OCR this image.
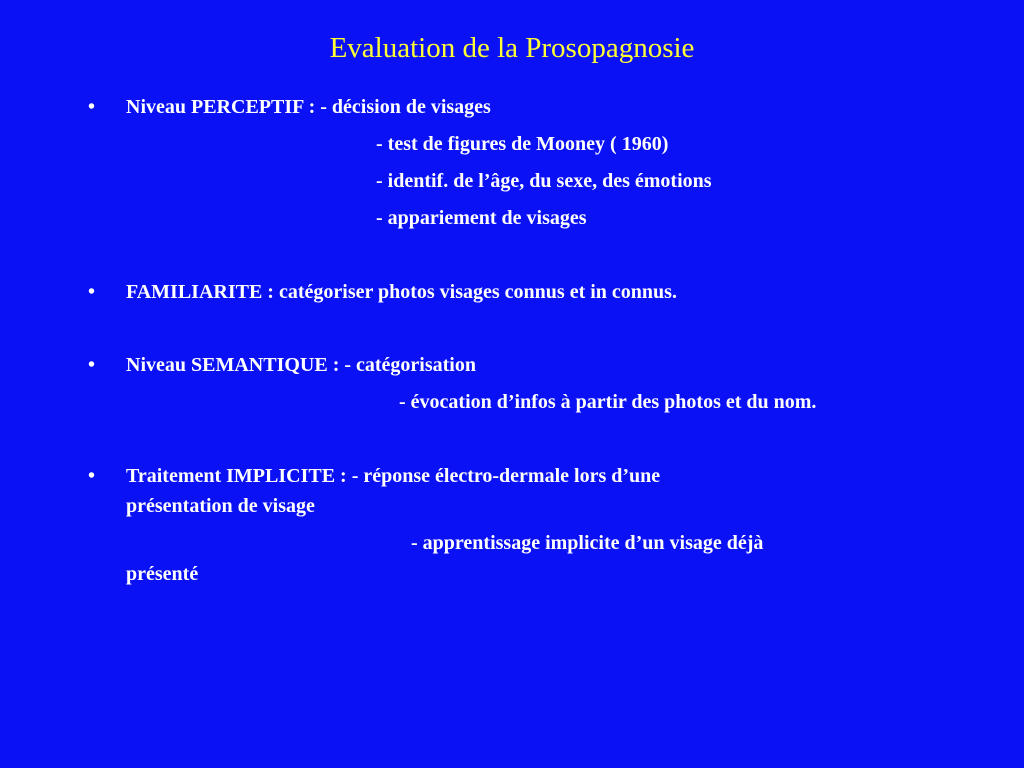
Evaluation de la Prosopagnosie
• Niveau PERCEPTIF : - décision de visages

- test de figures de Mooney ( 1960)

- identif. de l’âge, du sexe, des émotions

- appariement de visages

• FAMILIARITE : catégoriser photos visages connus et in connus.

• Niveau SEMANTIQUE : - catégorisation

- évocation d’infos à partir des photos et du nom.

• Traitement IMPLICITE : - réponse électro-dermale lors d’une

présentation de visage

- apprentissage implicite d’un visage déjà

présenté
